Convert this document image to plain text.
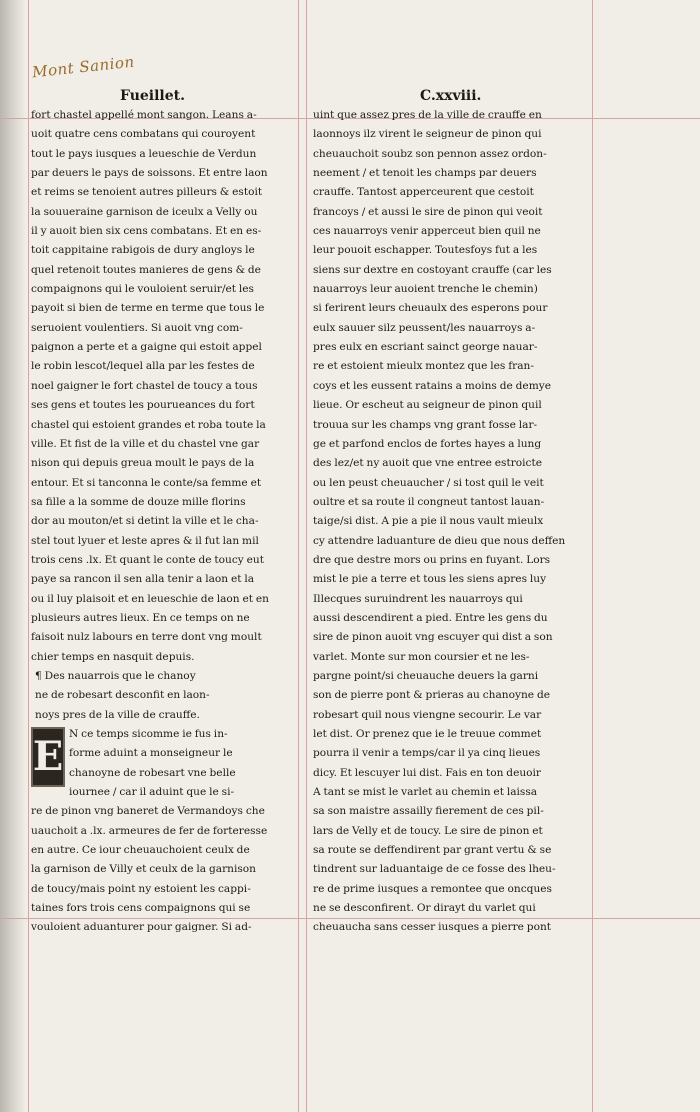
Mont Sanion
Fueillet.	C.xxviii.

fort chastel appellé mont sangon. Leans a-
uoit quatre cens combatans qui couroyent
tout le pays iusques a leueschie de Verdun
par deuers le pays de soissons. Et entre laon
et reims se tenoient autres pilleurs & estoit
la souueraine garnison de iceulx a Velly ou
il y auoit bien six cens combatans. Et en es-
toit cappitaine rabigois de dury angloys le
quel retenoit toutes manieres de gens & de
compaignons qui le vouloient seruir/et les
payoit si bien de terme en terme que tous le
seruoient voulentiers. Si auoit vng com-
paignon a perte et a gaigne qui estoit appel
le robin lescot/lequel alla par les festes de
noel gaigner le fort chastel de toucy a tous
ses gens et toutes les pourueances du fort
chastel qui estoient grandes et roba toute la
ville. Et fist de la ville et du chastel vne gar
nison qui depuis greua moult le pays de la
entour. Et si tanconna le conte/sa femme et
sa fille a la somme de douze mille florins
dor au mouton/et si detint la ville et le cha-
stel tout lyuer et leste apres & il fut lan mil
trois cens .lx. Et quant le conte de toucy eut
paye sa rancon il sen alla tenir a laon et la
ou il luy plaisoit et en leueschie de laon et en
plusieurs autres lieux. En ce temps on ne
faisoit nulz labours en terre dont vng moult
chier temps en nasquit depuis.

¶ Des nauarrois que le chanoy
ne de robesart desconfit en laon-
noys pres de la ville de crauffe.
E N ce temps sicomme ie fus in-
forme aduint a monseigneur le
chanoyne de robesart vne belle
iournee / car il aduint que le si-
re de pinon vng baneret de Vermandoys che
uauchoit a .lx. armeures de fer de forteresse
en autre. Ce iour cheuauchoient ceulx de
la garnison de Villy et ceulx de la garnison
de toucy/mais point ny estoient les cappi-
taines fors trois cens compaignons qui se
vouloient aduanturer pour gaigner. Si ad-

uint que assez pres de la ville de crauffe en
laonnoys ilz virent le seigneur de pinon qui
cheuauchoit soubz son pennon assez ordon-
neement / et tenoit les champs par deuers
crauffe. Tantost appercеurent que cestoit
francoys / et aussi le sire de pinon qui veoit
ces nauarroys venir apperceut bien quil ne
leur pouoit eschapper. Toutesfoys fut a les
siens sur dextre en costoyant crauffe (car les
nauarroys leur auoient trenche le chemin)
si ferirent leurs cheuaulx des esperons pour
eulx sauuer silz peussent/les nauarroys a-
pres eulx en escriant sainct george nauar-
re et estoient mieulx montez que les fran-
coys et les eussent ratains a moins de demye
lieue. Or escheut au seigneur de pinon quil
trouua sur les champs vng grant fosse lar-
ge et parfond enclos de fortes hayes a lung
des lez/et ny auoit que vne entree estroicte
ou len peust cheuaucher / si tost quil le veit
oultre et sa route il congneut tantost lauan-
taige/si dist. A pie a pie il nous vault mieulx
cy attendre laduanture de dieu que nous deffen
dre que destre mors ou prins en fuyant. Lors
mist le pie a terre et tous les siens apres luy
Illecques suruindrent les nauarroys qui
aussi descendirent a pied. Entre les gens du
sire de pinon auoit vng escuyer qui dist a son
varlet. Monte sur mon coursier et ne les-
pargne point/si cheuauche deuers la garni
son de pierre pont & prieras au chanoyne de
robesart quil nous viengne secourir. Le var
let dist. Or prenez que ie le treuue commet
pourra il venir a temps/car il ya cinq lieues
dicy. Et lescuyer lui dist. Fais en ton deuoir
A tant se mist le varlet au chemin et laissa
sa son maistre assailly fierement de ces pil-
lars de Velly et de toucy. Le sire de pinon et
sa route se deffendirent par grant vertu & se
tindrent sur laduantaige de ce fosse des lheu-
re de prime iusques a remontee que oncques
ne se desconfirent. Or dirayt du varlet qui
cheuaucha sans cesser iusques a pierre pont
